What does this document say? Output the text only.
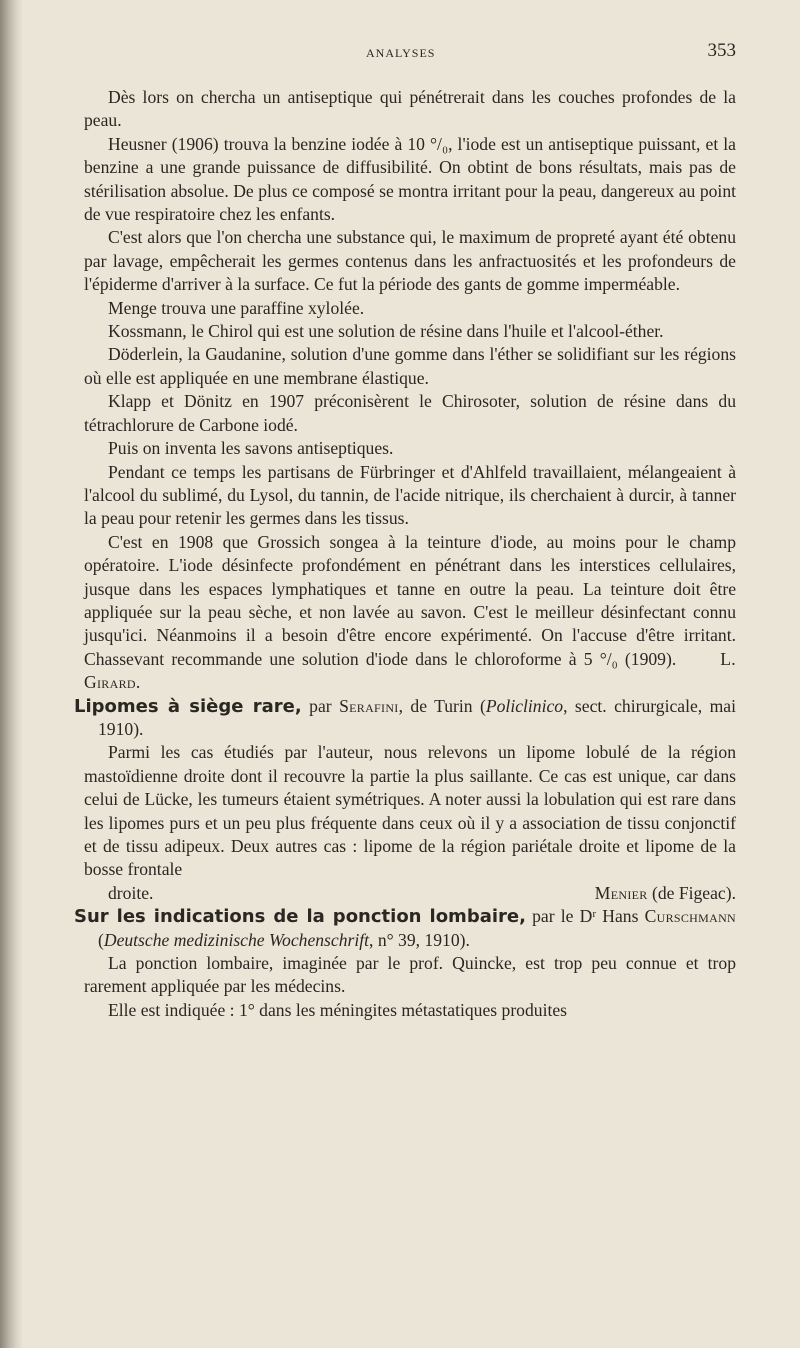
ANALYSES	353

Dès lors on chercha un antiseptique qui pénétrerait dans les couches profondes de la peau.

Heusner (1906) trouva la benzine iodée à 10 °/₀, l'iode est un antiseptique puissant, et la benzine a une grande puissance de diffusibilité. On obtint de bons résultats, mais pas de stérilisation absolue. De plus ce composé se montra irritant pour la peau, dangereux au point de vue respiratoire chez les enfants.

C'est alors que l'on chercha une substance qui, le maximum de propreté ayant été obtenu par lavage, empêcherait les germes contenus dans les anfractuosités et les profondeurs de l'épiderme d'arriver à la surface. Ce fut la période des gants de gomme imperméable.

Menge trouva une paraffine xylolée.

Kossmann, le Chirol qui est une solution de résine dans l'huile et l'alcool-éther.

Döderlein, la Gaudanine, solution d'une gomme dans l'éther se solidifiant sur les régions où elle est appliquée en une membrane élastique.

Klapp et Dönitz en 1907 préconisèrent le Chirosoter, solution de résine dans du tétrachlorure de Carbone iodé.

Puis on inventa les savons antiseptiques.

Pendant ce temps les partisans de Fürbringer et d'Ahlfeld travaillaient, mélangeaient à l'alcool du sublimé, du Lysol, du tannin, de l'acide nitrique, ils cherchaient à durcir, à tanner la peau pour retenir les germes dans les tissus.

C'est en 1908 que Grossich songea à la teinture d'iode, au moins pour le champ opératoire. L'iode désinfecte profondément en pénétrant dans les interstices cellulaires, jusque dans les espaces lymphatiques et tanne en outre la peau. La teinture doit être appliquée sur la peau sèche, et non lavée au savon. C'est le meilleur désinfectant connu jusqu'ici. Néanmoins il a besoin d'être encore expérimenté. On l'accuse d'être irritant. Chassevant recommande une solution d'iode dans le chloroforme à 5 °/₀ (1909).	L. Girard.

Lipomes à siège rare, par Serafini, de Turin (Policlinico, sect. chirurgicale, mai 1910).

Parmi les cas étudiés par l'auteur, nous relevons un lipome lobulé de la région mastoïdienne droite dont il recouvre la partie la plus saillante. Ce cas est unique, car dans celui de Lücke, les tumeurs étaient symétriques. A noter aussi la lobulation qui est rare dans les lipomes purs et un peu plus fréquente dans ceux où il y a association de tissu conjonctif et de tissu adipeux. Deux autres cas : lipome de la région pariétale droite et lipome de la bosse frontale

droite.	Menier (de Figeac).

Sur les indications de la ponction lombaire, par le Dʳ Hans Curschmann (Deutsche medizinische Wochenschrift, n° 39, 1910).

La ponction lombaire, imaginée par le prof. Quincke, est trop peu connue et trop rarement appliquée par les médecins.

Elle est indiquée : 1° dans les méningites métastatiques produites
